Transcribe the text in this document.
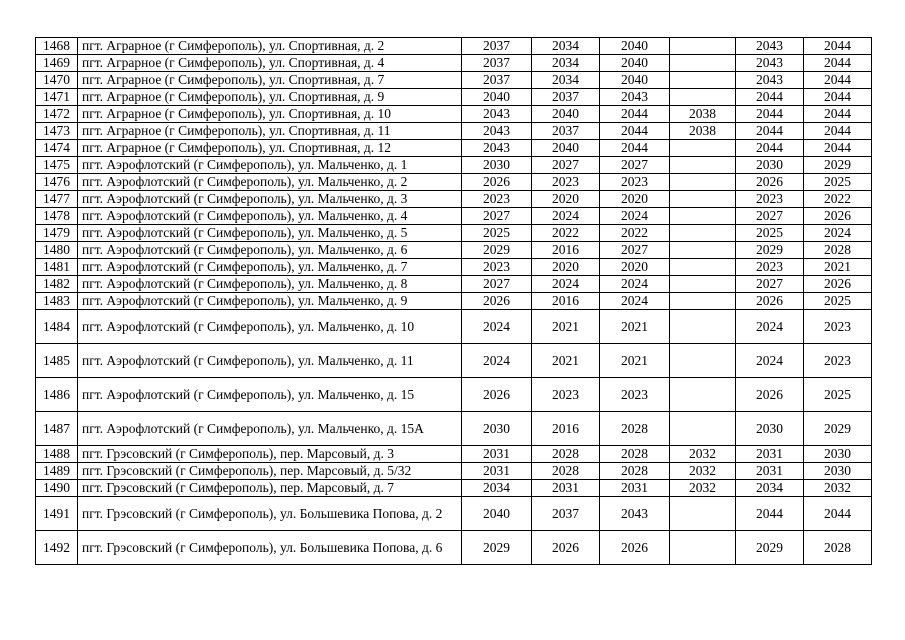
1468	пгт. Аграрное (г Симферополь), ул. Спортивная, д. 2	2037	2034	2040		2043	2044
1469	пгт. Аграрное (г Симферополь), ул. Спортивная, д. 4	2037	2034	2040		2043	2044
1470	пгт. Аграрное (г Симферополь), ул. Спортивная, д. 7	2037	2034	2040		2043	2044
1471	пгт. Аграрное (г Симферополь), ул. Спортивная, д. 9	2040	2037	2043		2044	2044
1472	пгт. Аграрное (г Симферополь), ул. Спортивная, д. 10	2043	2040	2044	2038	2044	2044
1473	пгт. Аграрное (г Симферополь), ул. Спортивная, д. 11	2043	2037	2044	2038	2044	2044
1474	пгт. Аграрное (г Симферополь), ул. Спортивная, д. 12	2043	2040	2044		2044	2044
1475	пгт. Аэрофлотский (г Симферополь), ул. Мальченко, д. 1	2030	2027	2027		2030	2029
1476	пгт. Аэрофлотский (г Симферополь), ул. Мальченко, д. 2	2026	2023	2023		2026	2025
1477	пгт. Аэрофлотский (г Симферополь), ул. Мальченко, д. 3	2023	2020	2020		2023	2022
1478	пгт. Аэрофлотский (г Симферополь), ул. Мальченко, д. 4	2027	2024	2024		2027	2026
1479	пгт. Аэрофлотский (г Симферополь), ул. Мальченко, д. 5	2025	2022	2022		2025	2024
1480	пгт. Аэрофлотский (г Симферополь), ул. Мальченко, д. 6	2029	2016	2027		2029	2028
1481	пгт. Аэрофлотский (г Симферополь), ул. Мальченко, д. 7	2023	2020	2020		2023	2021
1482	пгт. Аэрофлотский (г Симферополь), ул. Мальченко, д. 8	2027	2024	2024		2027	2026
1483	пгт. Аэрофлотский (г Симферополь), ул. Мальченко, д. 9	2026	2016	2024		2026	2025
1484	пгт. Аэрофлотский (г Симферополь), ул. Мальченко, д. 10	2024	2021	2021		2024	2023
1485	пгт. Аэрофлотский (г Симферополь), ул. Мальченко, д. 11	2024	2021	2021		2024	2023
1486	пгт. Аэрофлотский (г Симферополь), ул. Мальченко, д. 15	2026	2023	2023		2026	2025
1487	пгт. Аэрофлотский (г Симферополь), ул. Мальченко, д. 15А	2030	2016	2028		2030	2029
1488	пгт. Грэсовский (г Симферополь), пер. Марсовый, д. 3	2031	2028	2028	2032	2031	2030
1489	пгт. Грэсовский (г Симферополь), пер. Марсовый, д. 5/32	2031	2028	2028	2032	2031	2030
1490	пгт. Грэсовский (г Симферополь), пер. Марсовый, д. 7	2034	2031	2031	2032	2034	2032
1491	пгт. Грэсовский (г Симферополь), ул. Большевика Попова, д. 2	2040	2037	2043		2044	2044
1492	пгт. Грэсовский (г Симферополь), ул. Большевика Попова, д. 6	2029	2026	2026		2029	2028
